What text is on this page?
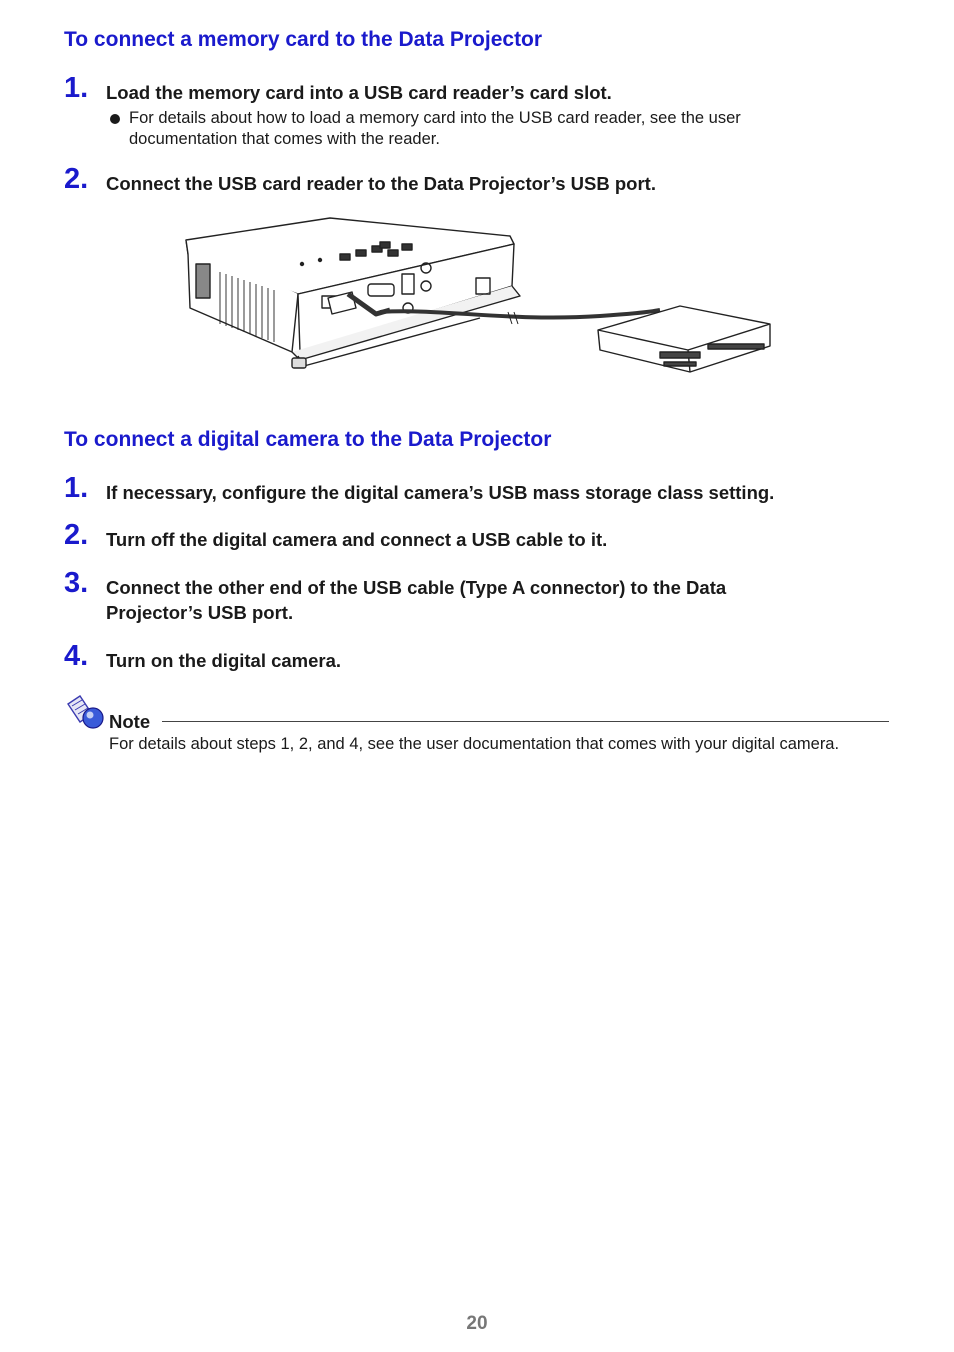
To connect a memory card to the Data Projector
1. Load the memory card into a USB card reader’s card slot.
For details about how to load a memory card into the USB card reader, see the user documentation that comes with the reader.
2. Connect the USB card reader to the Data Projector’s USB port.
To connect a digital camera to the Data Projector
1. If necessary, configure the digital camera’s USB mass storage class setting.
2. Turn off the digital camera and connect a USB cable to it.
3. Connect the other end of the USB cable (Type A connector) to the Data Projector’s USB port.
4. Turn on the digital camera.
Note

For details about steps 1, 2, and 4, see the user documentation that comes with your digital camera.

20
